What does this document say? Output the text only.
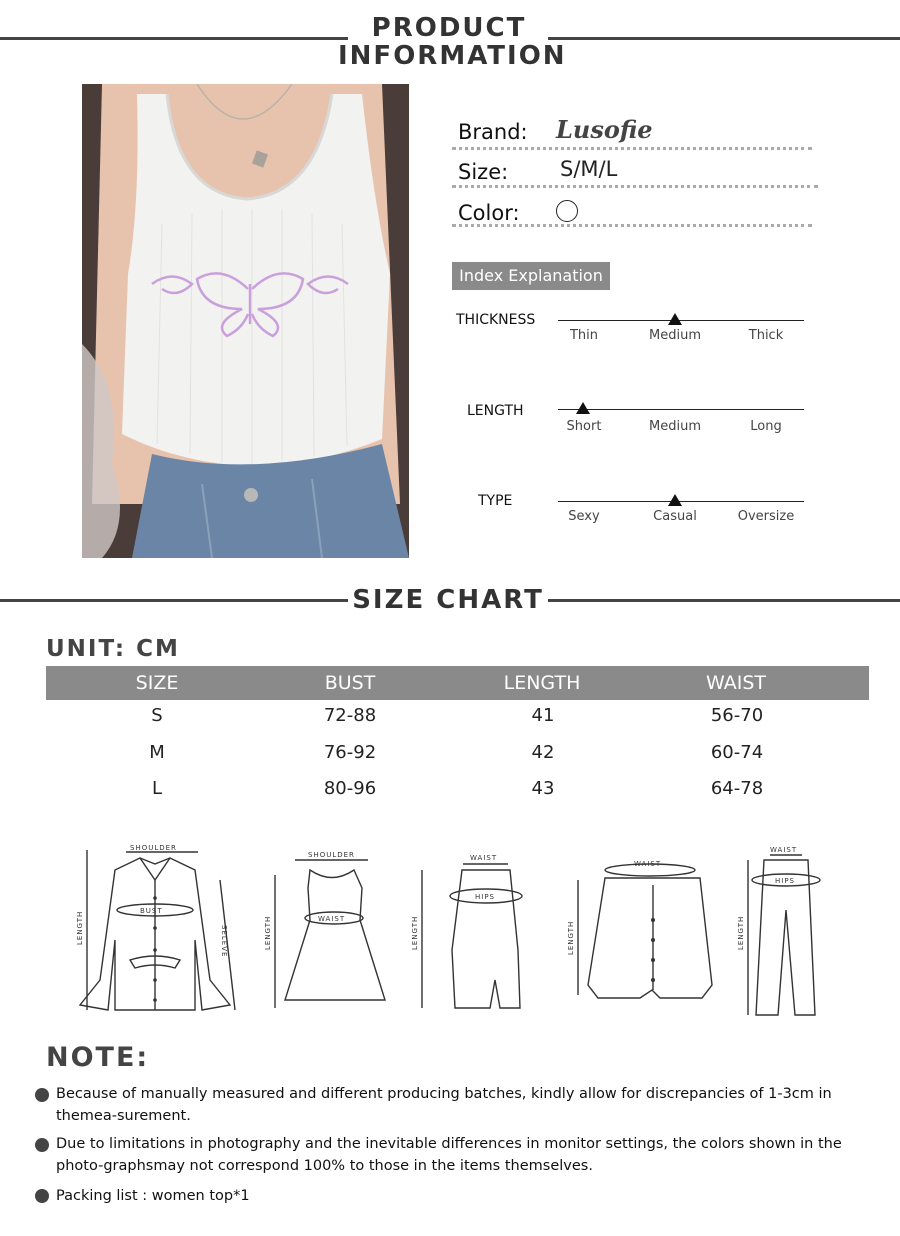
PRODUCT
INFORMATION
Brand: Lusofie
Size: S/M/L
Color:
Index Explanation
THICKNESS
Thin	Medium	Thick
LENGTH
Short	Medium	Long
TYPE
Sexy	Casual	Oversize
SIZE CHART
UNIT: CM
SIZE	BUST	LENGTH	WAIST
S	72-88	41	56-70
M	76-92	42	60-74
L	80-96	43	64-78
SHOULDER
BUST
LENGTH	SELEVE
SHOULDER
WAIST
LENGTH
WAIST
HIPS
LENGTH
WAIST
LENGTH
WAIST
HIPS
LENGTH
NOTE:
Because of manually measured and different producing batches, kindly allow for discrepancies of 1-3cm in themea-surement.
Due to limitations in photography and the inevitable differences in monitor settings, the colors shown in the photo-graphsmay not correspond 100% to those in the items themselves.
Packing list : women top*1
